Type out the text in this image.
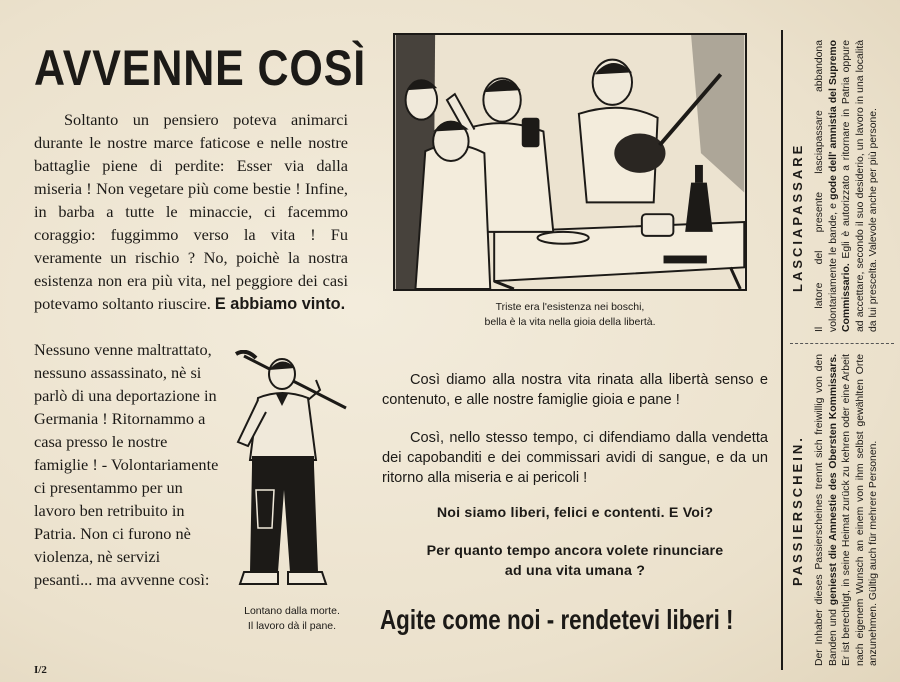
AVVENNE COSÌ

Soltanto un pensiero poteva animarci durante le nostre marce faticose e nelle nostre battaglie piene di perdite: Esser via dalla miseria ! Non vegetare più come bestie ! Infine, in barba a tutte le minaccie, ci facemmo coraggio: fuggimmo verso la vita ! Fu veramente un rischio ? No, poichè la nostra esistenza non era più vita, nel peggiore dei casi potevamo soltanto riuscire. E abbiamo vinto.

Nessuno venne maltrattato, nessuno assassinato, nè si parlò di una deportazione in Germania ! Ritornammo a casa presso le nostre famiglie ! - Volontariamente ci presentammo per un lavoro ben retribuito in Patria. Non ci furono nè violenza, nè servizi pesanti... ma avvenne così:

Lontano dalla morte.
Il lavoro dà il pane.

Triste era l'esistenza nei boschi,
bella è la vita nella gioia della libertà.

Così diamo alla nostra vita rinata alla libertà senso e contenuto, e alle nostre famiglie gioia e pane !

Così, nello stesso tempo, ci difendiamo dalla vendetta dei capobanditi e dei commissari avidi di sangue, e da un ritorno alla miseria e ai pericoli !

Noi siamo liberi, felici e contenti. E Voi?

Per quanto tempo ancora volete rinunciare
ad una vita umana ?

Agite come noi - rendetevi liberi !

I/2

LASCIAPASSARE Il latore del presente lasciapassare abbandona volontariamente le bande, e gode dell' amnistia del Supremo Commissario. Egli è autorizzato a ritornare in Patria oppure ad accettare, secondo il suo desiderio, un lavoro in una località da lui prescelta. Valevole anche per più persone.

PASSIERSCHEIN. Der Inhaber dieses Passierscheines trennt sich freiwillig von den Banden und geniesst die Amnestie des Obersten Kommissars. Er ist berechtigt, in seine Heimat zurück zu kehren oder eine Arbeit nach eigenem Wunsch an einem von ihm selbst gewählten Orte anzunehmen. Gültig auch für mehrere Personen.
